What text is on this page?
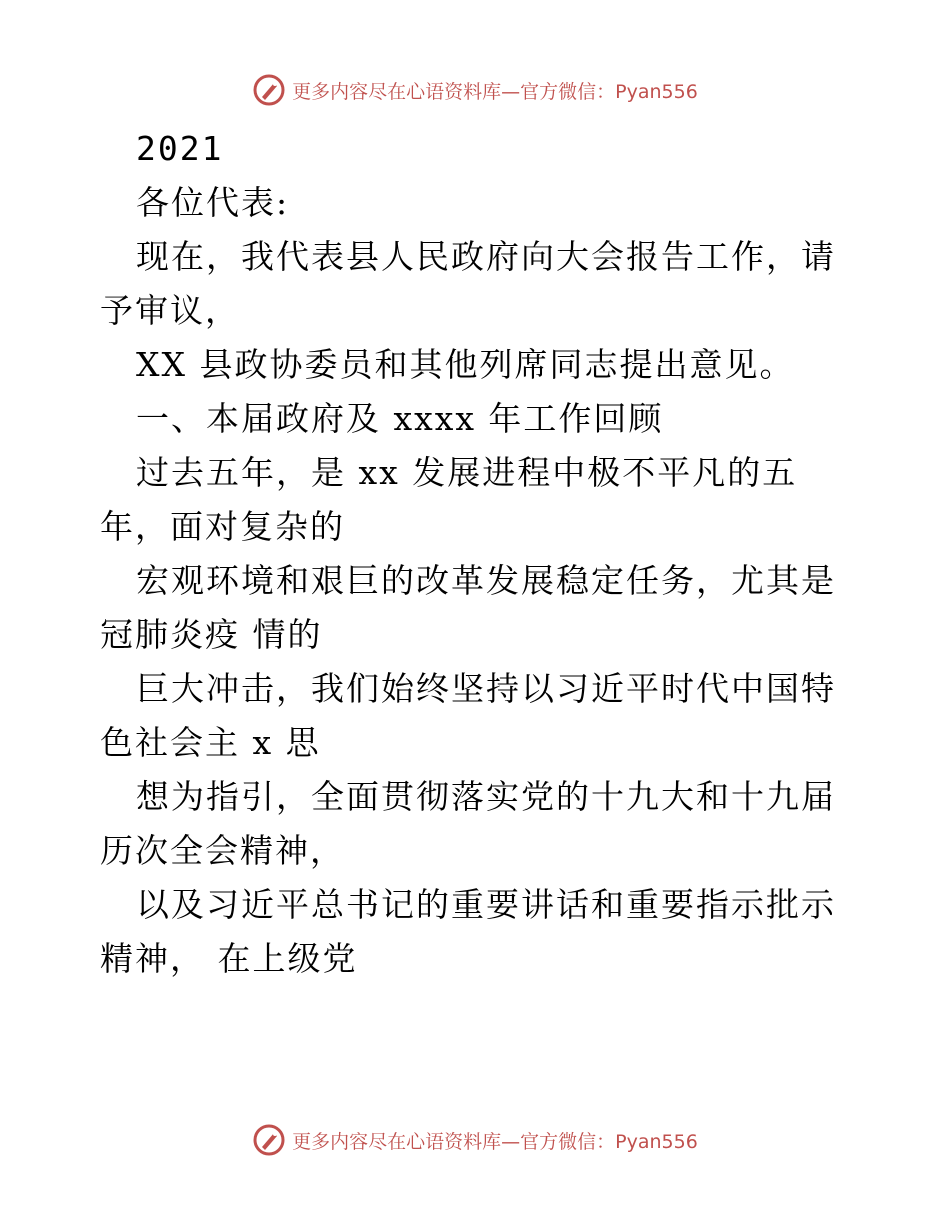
更多内容尽在心语资料库—官方微信：Pyan556

2021

各位代表:

现在，我代表县人民政府向大会报告工作，请予审议，

XX 县政协委员和其他列席同志提出意见。

一、本届政府及 xxxx 年工作回顾

过去五年，是 xx 发展进程中极不平凡的五年，面对复杂的

宏观环境和艰巨的改革发展稳定任务，尤其是冠肺炎疫 情的

巨大冲击，我们始终坚持以习近平时代中国特色社会主 x 思

想为指引，全面贯彻落实党的十九大和十九届历次全会精神，

以及习近平总书记的重要讲话和重要指示批示精神， 在上级党

更多内容尽在心语资料库—官方微信：Pyan556
